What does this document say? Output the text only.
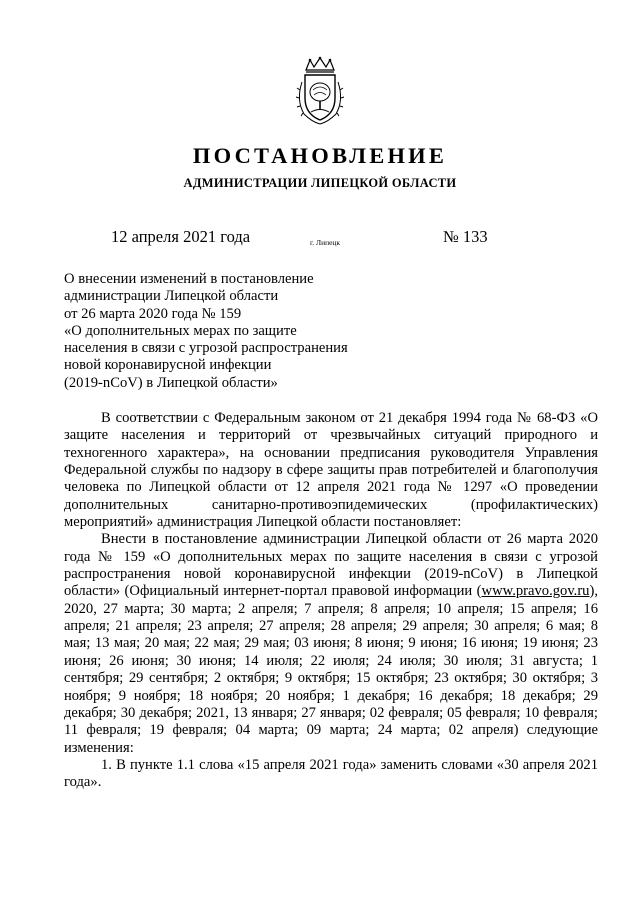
ПОСТАНОВЛЕНИЕ
АДМИНИСТРАЦИИ ЛИПЕЦКОЙ ОБЛАСТИ
12 апреля 2021 года	г. Липецк	№ 133
О внесении изменений в постановление
администрации Липецкой области
от 26 марта 2020 года № 159
«О дополнительных мерах по защите
населения в связи с угрозой распространения
новой коронавирусной инфекции
(2019-nCoV) в Липецкой области»

В соответствии с Федеральным законом от 21 декабря 1994 года № 68-ФЗ «О защите населения и территорий от чрезвычайных ситуаций природного и техногенного характера», на основании предписания руководителя Управления Федеральной службы по надзору в сфере защиты прав потребителей и благополучия человека по Липецкой области от 12 апреля 2021 года № 1297 «О проведении дополнительных санитарно-противоэпидемических (профилактических) мероприятий» администрация Липецкой области постановляет:

Внести в постановление администрации Липецкой области от 26 марта 2020 года № 159 «О дополнительных мерах по защите населения в связи с угрозой распространения новой коронавирусной инфекции (2019-nCoV) в Липецкой области» (Официальный интернет-портал правовой информации (www.pravo.gov.ru), 2020, 27 марта; 30 марта; 2 апреля; 7 апреля; 8 апреля; 10 апреля; 15 апреля; 16 апреля; 21 апреля; 23 апреля; 27 апреля; 28 апреля; 29 апреля; 30 апреля; 6 мая; 8 мая; 13 мая; 20 мая; 22 мая; 29 мая; 03 июня; 8 июня; 9 июня; 16 июня; 19 июня; 23 июня; 26 июня; 30 июня; 14 июля; 22 июля; 24 июля; 30 июля; 31 августа; 1 сентября; 29 сентября; 2 октября; 9 октября; 15 октября; 23 октября; 30 октября; 3 ноября; 9 ноября; 18 ноября; 20 ноября; 1 декабря; 16 декабря; 18 декабря; 29 декабря; 30 декабря; 2021, 13 января; 27 января; 02 февраля; 05 февраля; 10 февраля; 11 февраля; 19 февраля; 04 марта; 09 марта; 24 марта; 02 апреля) следующие изменения:

1. В пункте 1.1 слова «15 апреля 2021 года» заменить словами «30 апреля 2021 года».
